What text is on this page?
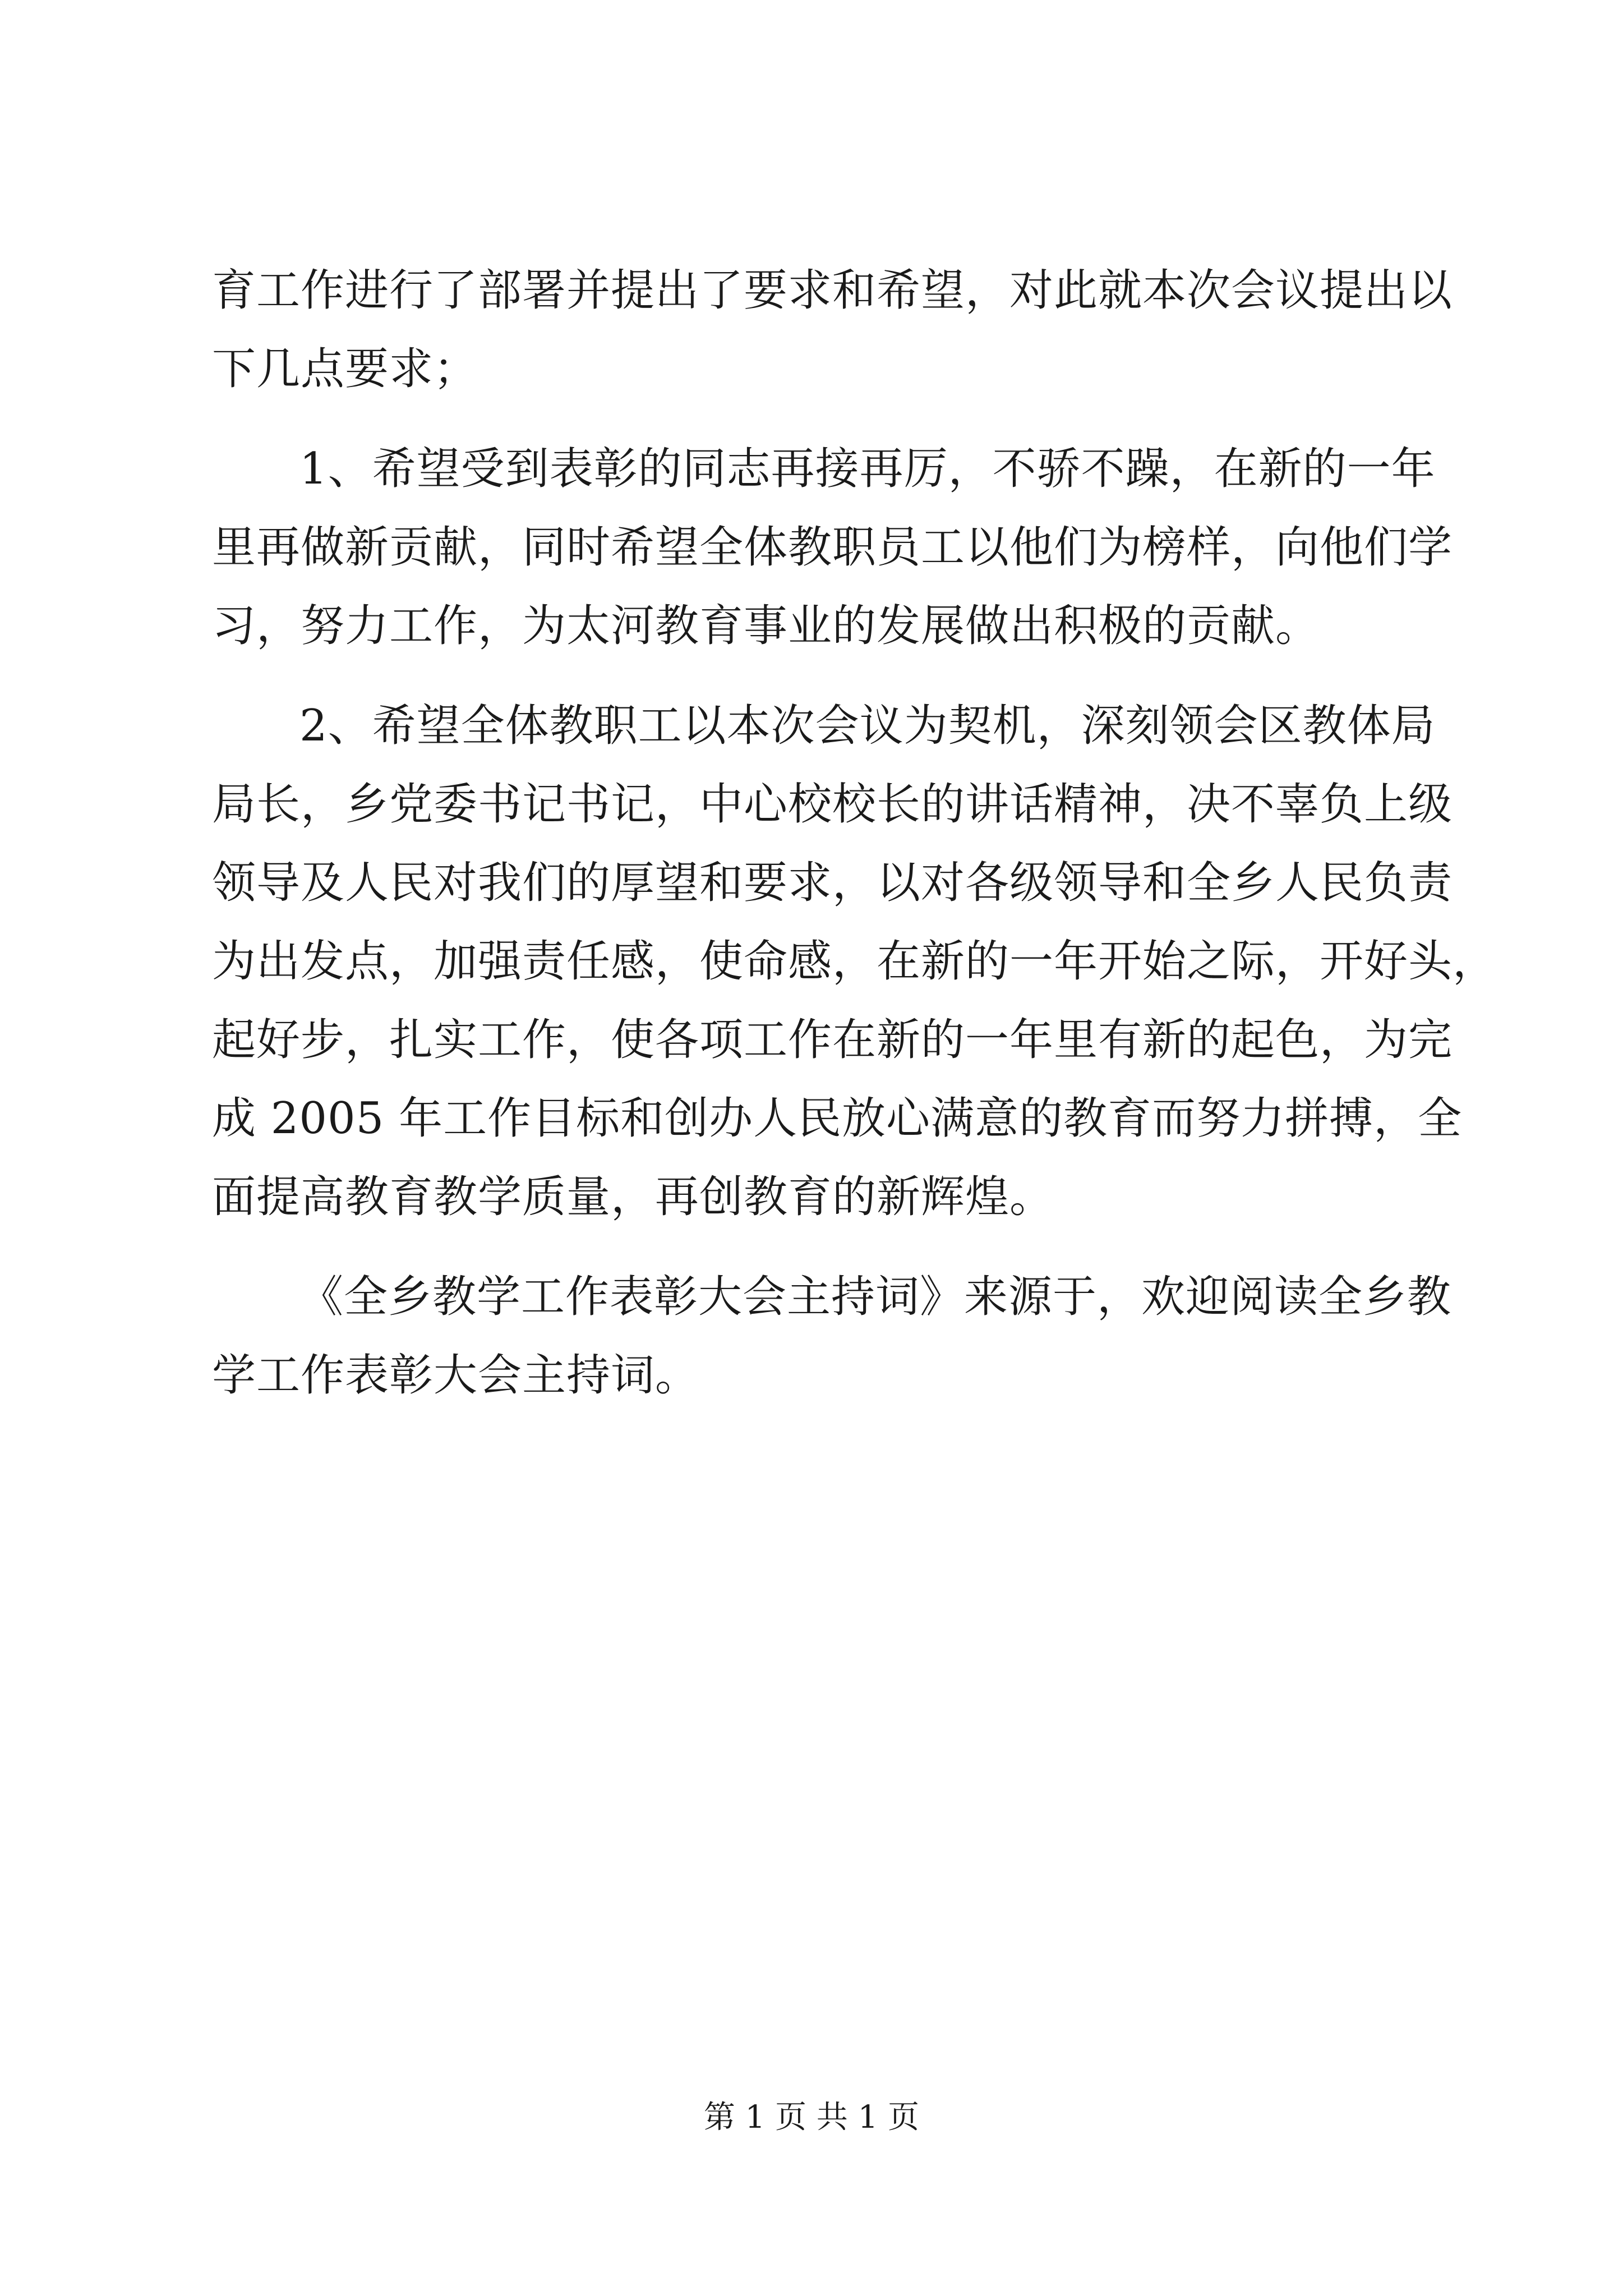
育工作进行了部署并提出了要求和希望，对此就本次会议提出以
下几点要求；
1、希望受到表彰的同志再接再厉，不骄不躁，在新的一年
里再做新贡献，同时希望全体教职员工以他们为榜样，向他们学
习，努力工作，为太河教育事业的发展做出积极的贡献。
2、希望全体教职工以本次会议为契机，深刻领会区教体局
局长，乡党委书记书记，中心校校长的讲话精神，决不辜负上级
领导及人民对我们的厚望和要求，以对各级领导和全乡人民负责
为出发点，加强责任感，使命感，在新的一年开始之际，开好头，
起好步，扎实工作，使各项工作在新的一年里有新的起色，为完
成 2005 年工作目标和创办人民放心满意的教育而努力拼搏，全
面提高教育教学质量，再创教育的新辉煌。
《全乡教学工作表彰大会主持词》来源于，欢迎阅读全乡教
学工作表彰大会主持词。
第 1 页 共 1 页
